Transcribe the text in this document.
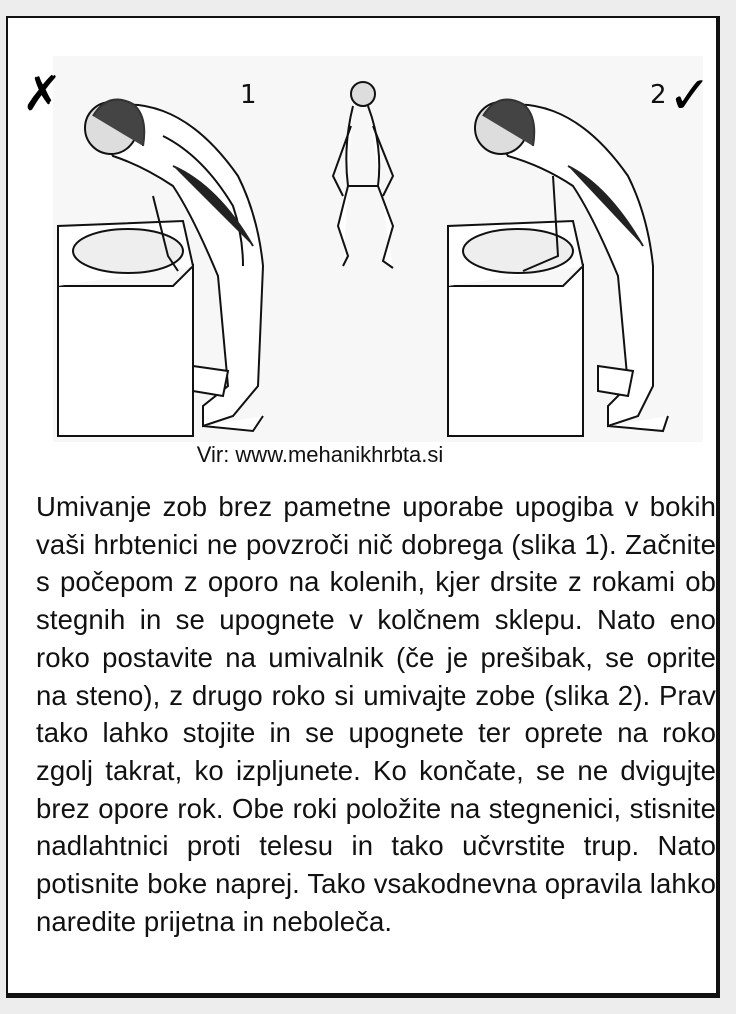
✗	1	2 ✓
Vir: www.mehanikhrbta.si
Umivanje zob brez pametne uporabe upogiba v bokih vaši hrbtenici ne povzroči nič dobrega (slika 1). Začnite s počepom z oporo na kolenih, kjer drsite z rokami ob stegnih in se upognete v kolčnem sklepu. Nato eno roko postavite na umivalnik (če je prešibak, se oprite na steno), z drugo roko si umivajte zobe (slika 2). Prav tako lahko stojite in se upognete ter oprete na roko zgolj takrat, ko izpljunete. Ko končate, se ne dvigujte brez opore rok. Obe roki položite na stegnenici, stisnite nadlahtnici proti telesu in tako učvrstite trup. Nato potisnite boke naprej. Tako vsakodnevna opravila lahko naredite prijetna in neboleča.
